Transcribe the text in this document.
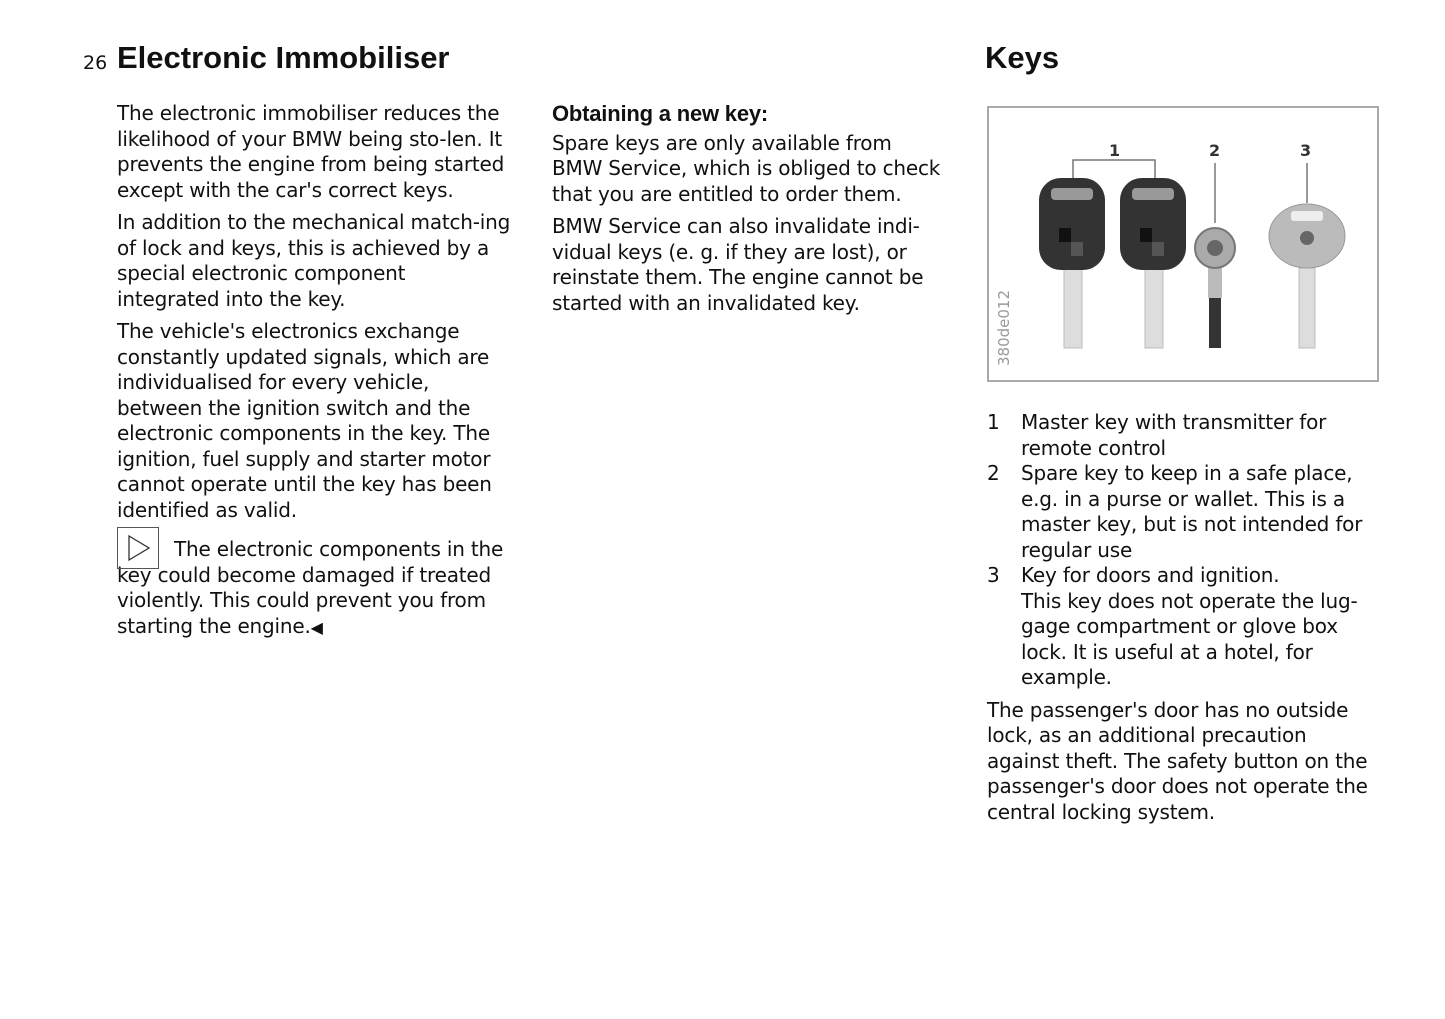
26 Electronic Immobiliser	Keys

The electronic immobiliser reduces the likelihood of your BMW being sto-len. It prevents the engine from being started except with the car's correct keys.

In addition to the mechanical match-ing of lock and keys, this is achieved by a special electronic component integrated into the key.

The vehicle's electronics exchange constantly updated signals, which are individualised for every vehicle, between the ignition switch and the electronic components in the key. The ignition, fuel supply and starter motor cannot operate until the key has been identified as valid.

The electronic components in the key could become damaged if treated violently. This could prevent you from starting the engine.◀
Obtaining a new key:

Spare keys are only available from BMW Service, which is obliged to check that you are entitled to order them.

BMW Service can also invalidate indi-vidual keys (e. g. if they are lost), or reinstate them. The engine cannot be started with an invalidated key.

1	2	3
380de012
1	Master key with transmitter for remote control
2	Spare key to keep in a safe place, e.g. in a purse or wallet. This is a master key, but is not intended for regular use
3	Key for doors and ignition.
This key does not operate the lug-gage compartment or glove box lock. It is useful at a hotel, for example.

The passenger's door has no outside lock, as an additional precaution against theft. The safety button on the passenger's door does not operate the central locking system.
